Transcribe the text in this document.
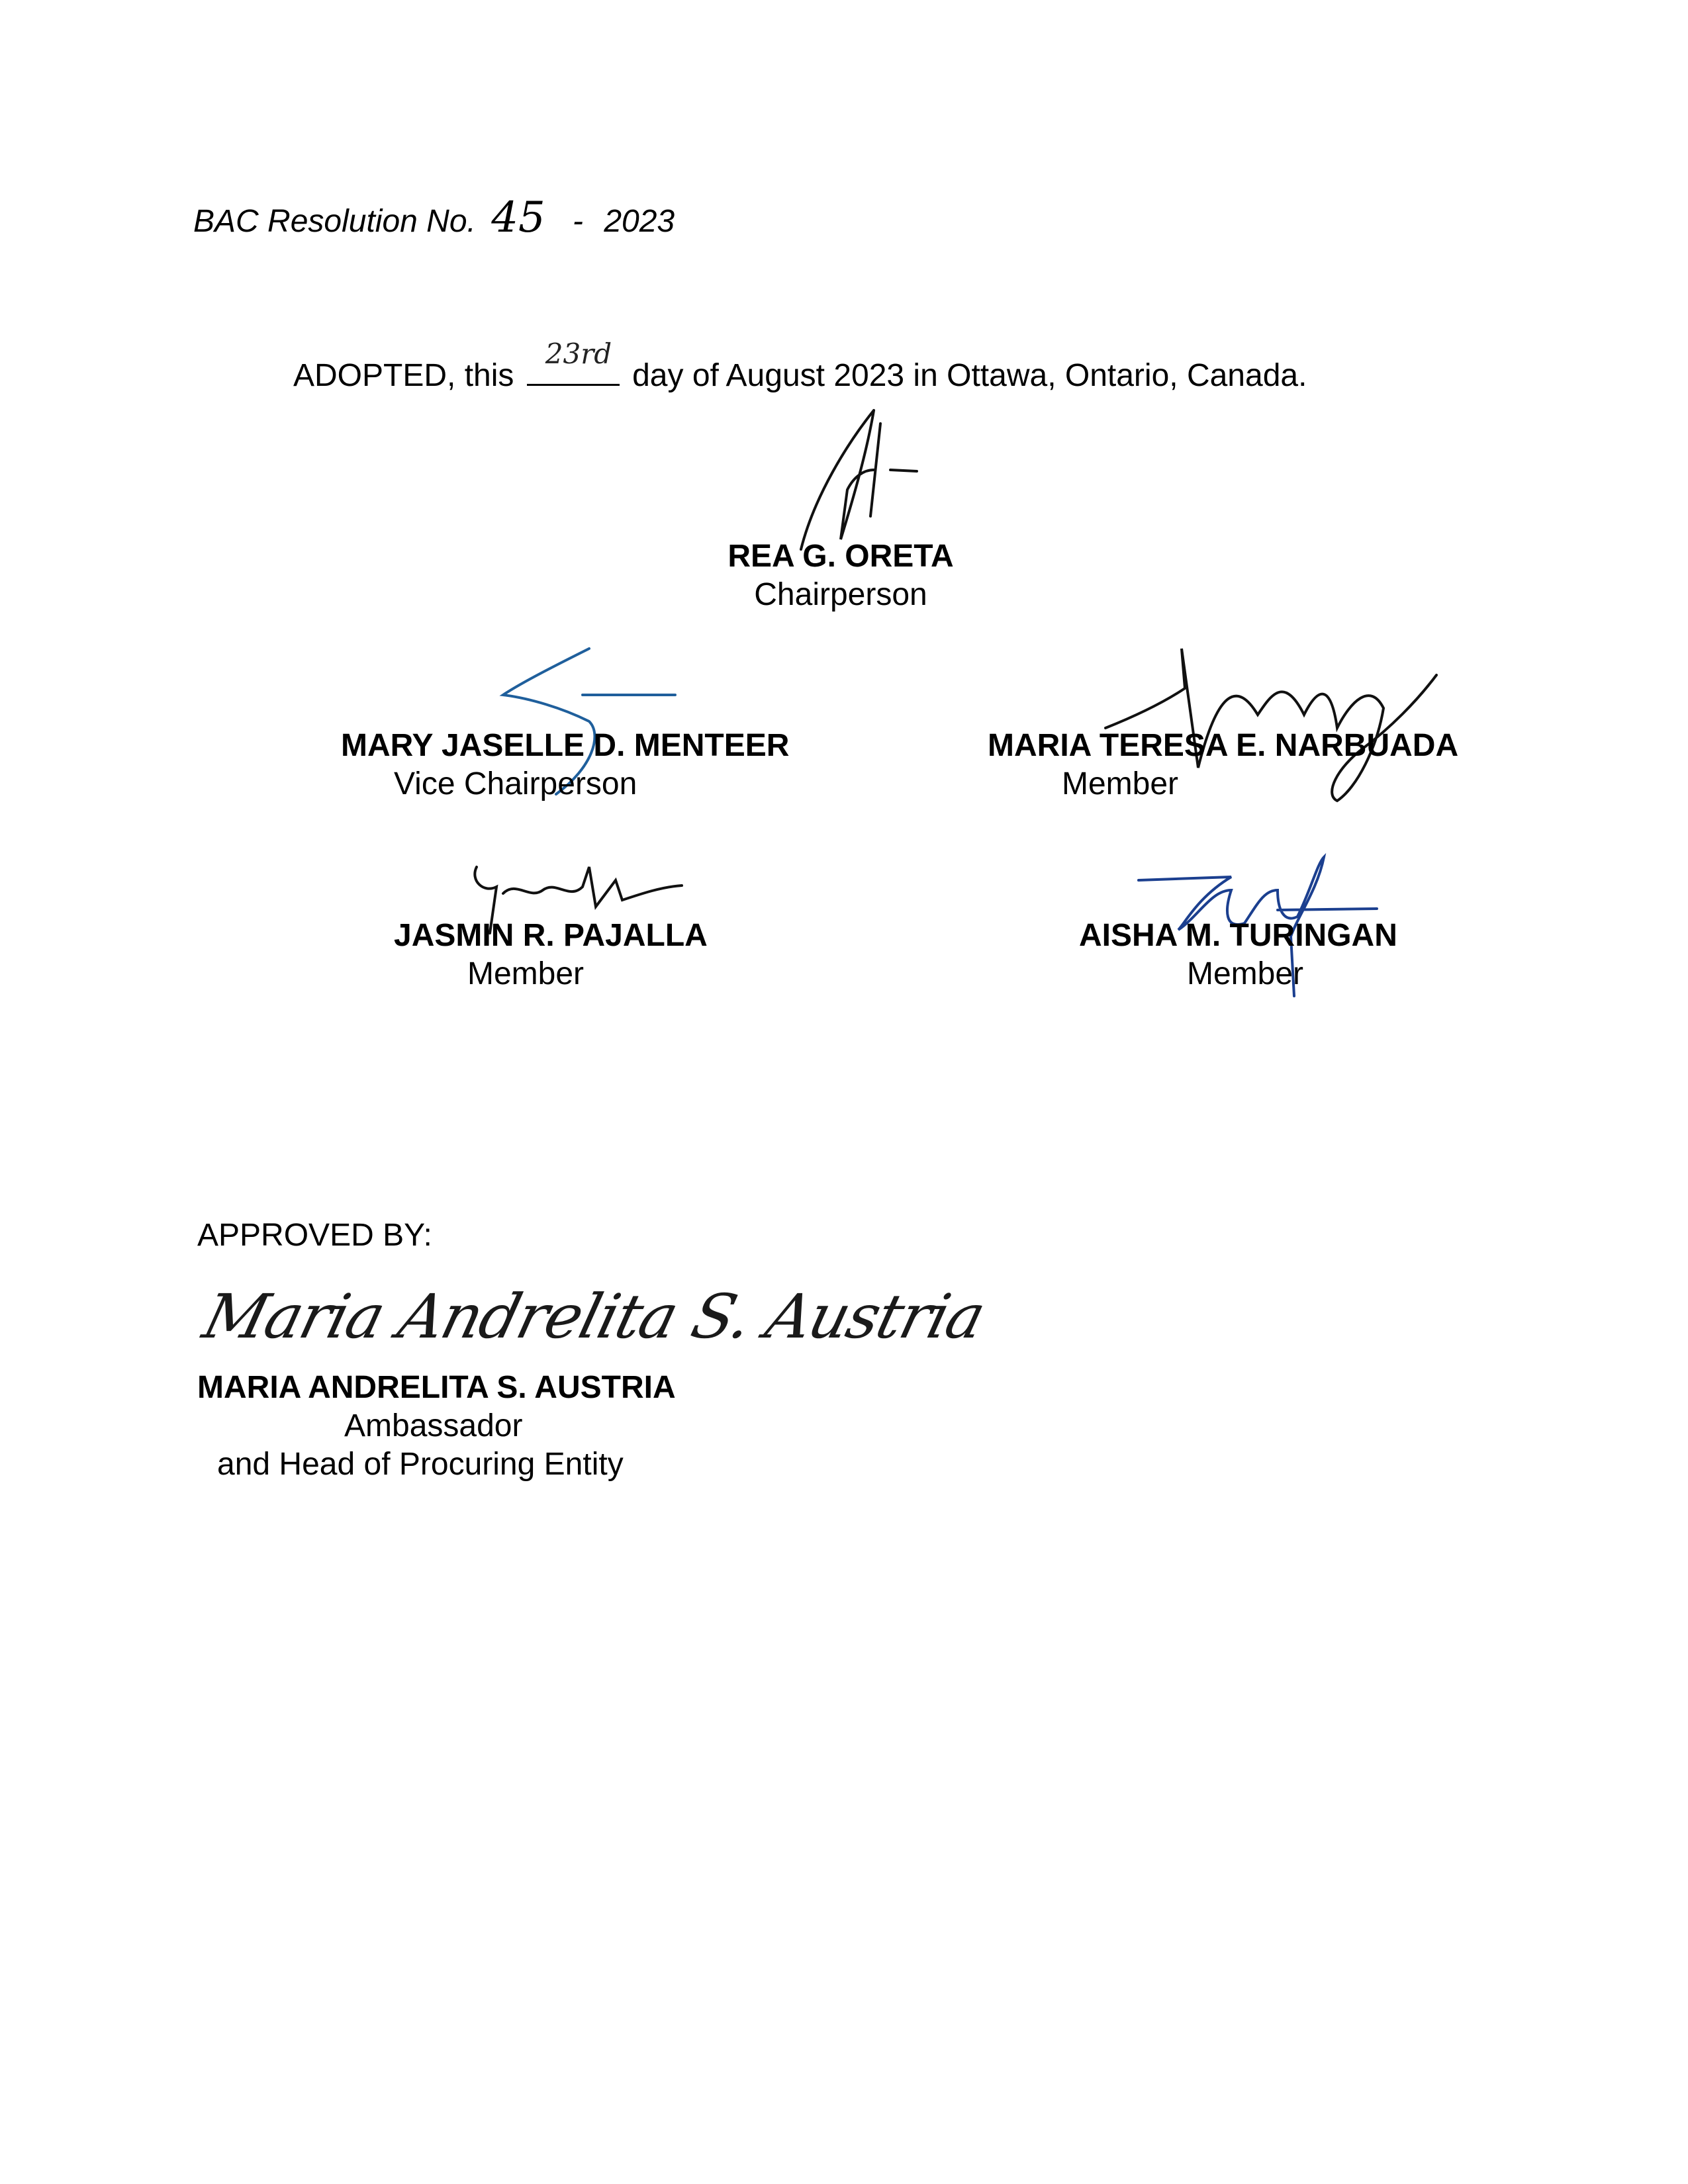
BAC Resolution No. 45 - 2023
ADOPTED, this
23rd
day of August 2023 in Ottawa, Ontario, Canada.
REA G. ORETA
Chairperson
MARY JASELLE D. MENTEER
Vice Chairperson
MARIA TERESA E. NARBUADA
Member
JASMIN R. PAJALLA
Member
AISHA M. TURINGAN
Member
APPROVED BY:
Maria Andrelita S. Austria
MARIA ANDRELITA S. AUSTRIA
Ambassador
and Head of Procuring Entity
